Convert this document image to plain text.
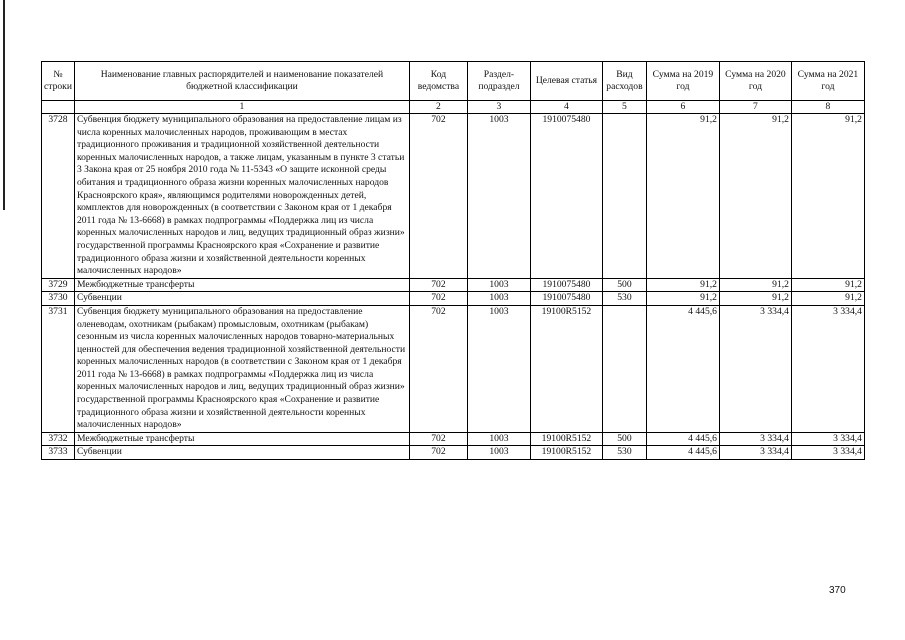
№ строки	Наименование главных распорядителей и наименование показателей бюджетной классификации	Код ведомства	Раздел-подраздел	Целевая статья	Вид расходов	Сумма на 2019 год	Сумма на 2020 год	Сумма на 2021 год
	1	2	3	4	5	6	7	8
3728	Субвенция бюджету муниципального образования на предоставление лицам из числа коренных малочисленных народов, проживающим в местах традиционного проживания и традиционной хозяйственной деятельности коренных малочисленных народов, а также лицам, указанным в пункте 3 статьи 3 Закона края от 25 ноября 2010 года № 11-5343 «О защите исконной среды обитания и традиционного образа жизни коренных малочисленных народов Красноярского края», являющимся родителями новорожденных детей, комплектов для новорожденных (в соответствии с Законом края от 1 декабря 2011 года № 13-6668) в рамках подпрограммы «Поддержка лиц из числа коренных малочисленных народов и лиц, ведущих традиционный образ жизни» государственной программы Красноярского края «Сохранение и развитие традиционного образа жизни и хозяйственной деятельности коренных малочисленных народов»	702	1003	1910075480		91,2	91,2	91,2
3729	Межбюджетные трансферты	702	1003	1910075480	500	91,2	91,2	91,2
3730	Субвенции	702	1003	1910075480	530	91,2	91,2	91,2
3731	Субвенция бюджету муниципального образования на предоставление оленеводам, охотникам (рыбакам) промысловым, охотникам (рыбакам) сезонным из числа коренных малочисленных народов товарно-материальных ценностей для обеспечения ведения традиционной хозяйственной деятельности коренных малочисленных народов (в соответствии с Законом края от 1 декабря 2011 года № 13-6668) в рамках подпрограммы «Поддержка лиц из числа коренных малочисленных народов и лиц, ведущих традиционный образ жизни» государственной программы Красноярского края «Сохранение и развитие традиционного образа жизни и хозяйственной деятельности коренных малочисленных народов»	702	1003	19100R5152		4 445,6	3 334,4	3 334,4
3732	Межбюджетные трансферты	702	1003	19100R5152	500	4 445,6	3 334,4	3 334,4
3733	Субвенции	702	1003	19100R5152	530	4 445,6	3 334,4	3 334,4
370
